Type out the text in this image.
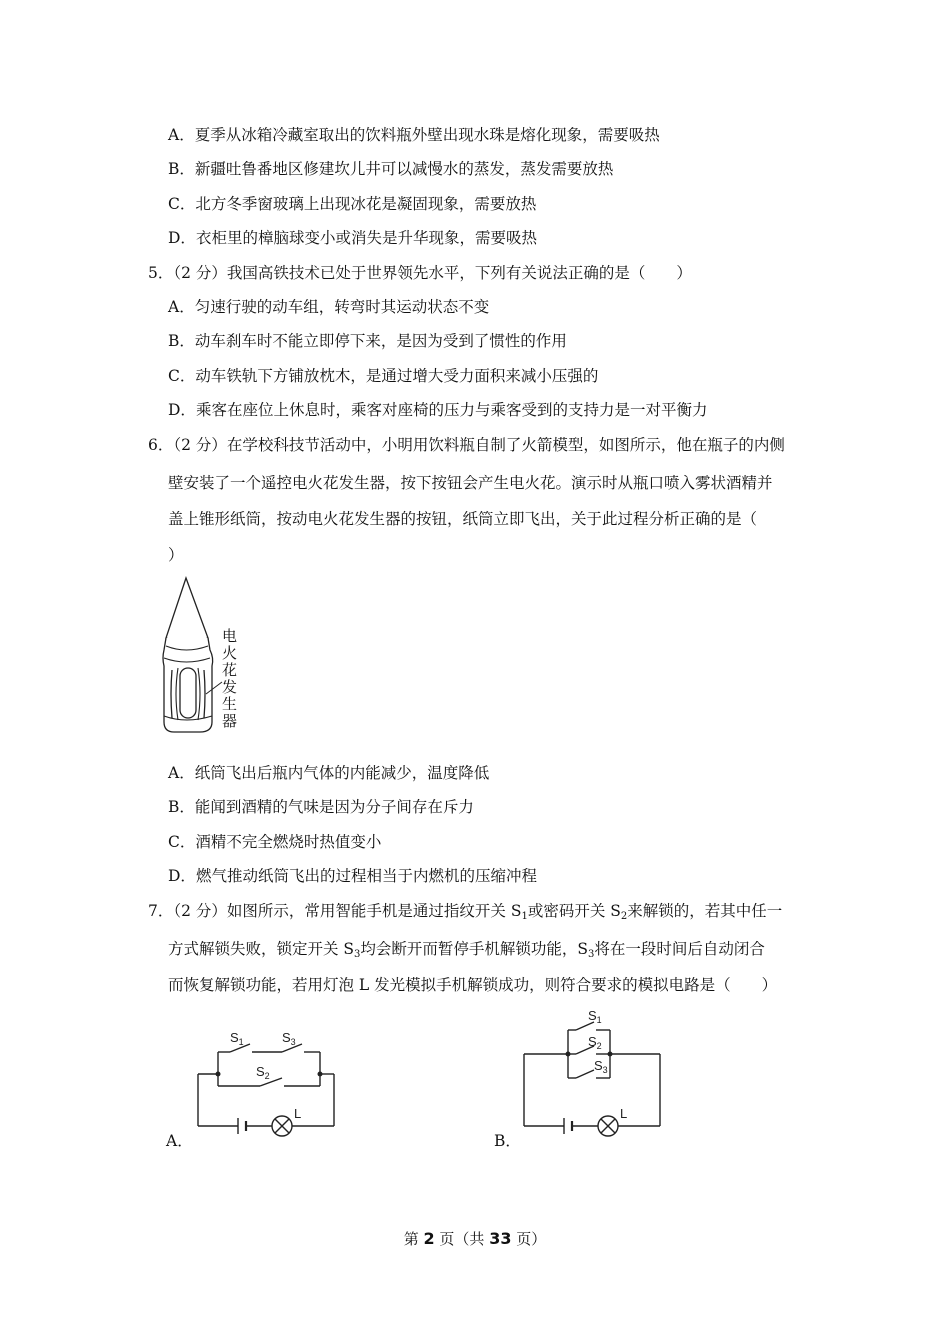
A．夏季从冰箱冷藏室取出的饮料瓶外壁出现水珠是熔化现象，需要吸热
B．新疆吐鲁番地区修建坎儿井可以减慢水的蒸发，蒸发需要放热
C．北方冬季窗玻璃上出现冰花是凝固现象，需要放热
D．衣柜里的樟脑球变小或消失是升华现象，需要吸热
5．（2 分）我国高铁技术已处于世界领先水平，下列有关说法正确的是（　　）
A．匀速行驶的动车组，转弯时其运动状态不变
B．动车刹车时不能立即停下来，是因为受到了惯性的作用
C．动车铁轨下方铺放枕木，是通过增大受力面积来减小压强的
D．乘客在座位上休息时，乘客对座椅的压力与乘客受到的支持力是一对平衡力
6．（2 分）在学校科技节活动中，小明用饮料瓶自制了火箭模型，如图所示，他在瓶子的内侧
壁安装了一个遥控电火花发生器，按下按钮会产生电火花。演示时从瓶口喷入雾状酒精并
盖上锥形纸筒，按动电火花发生器的按钮，纸筒立即飞出，关于此过程分析正确的是（
）
电
火
花
发
生
器
A．纸筒飞出后瓶内气体的内能减少，温度降低
B．能闻到酒精的气味是因为分子间存在斥力
C．酒精不完全燃烧时热值变小
D．燃气推动纸筒飞出的过程相当于内燃机的压缩冲程
7．（2 分）如图所示，常用智能手机是通过指纹开关 $S_1$或密码开关 $S_2$来解锁的，若其中任一
方式解锁失败，锁定开关 $S_3$均会断开而暂停手机解锁功能，$S_3$将在一段时间后自动闭合
而恢复解锁功能，若用灯泡 L 发光模拟手机解锁成功，则符合要求的模拟电路是（　　）
$S_1$	$S_3$
$S_2$
L
A．
$S_1$
$S_2$
$S_3$
L
B．
第 2 页（共 33 页）
